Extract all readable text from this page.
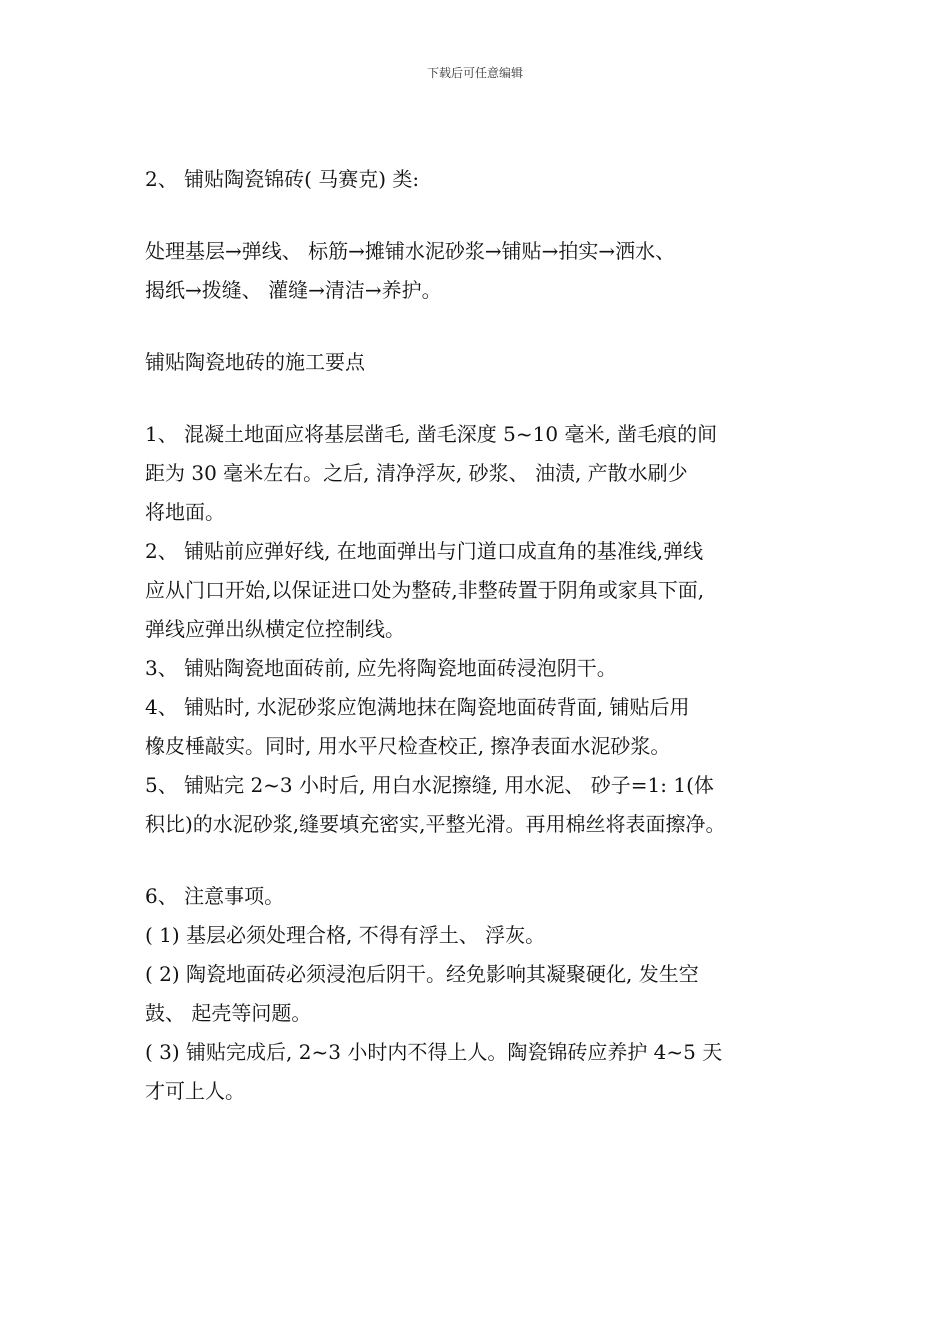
下载后可任意编辑
2、 铺贴陶瓷锦砖( 马赛克) 类:
处理基层→弹线、 标筋→摊铺水泥砂浆→铺贴→拍实→洒水、
揭纸→拨缝、 灌缝→清洁→养护。
铺贴陶瓷地砖的施工要点
1、 混凝土地面应将基层凿毛, 凿毛深度 5~10 毫米, 凿毛痕的间
距为 30 毫米左右。之后, 清净浮灰, 砂浆、 油渍, 产散水刷少
将地面。
2、 铺贴前应弹好线, 在地面弹出与门道口成直角的基准线,弹线
应从门口开始,以保证进口处为整砖,非整砖置于阴角或家具下面,
弹线应弹出纵横定位控制线。
3、 铺贴陶瓷地面砖前, 应先将陶瓷地面砖浸泡阴干。
4、 铺贴时, 水泥砂浆应饱满地抹在陶瓷地面砖背面, 铺贴后用
橡皮棰敲实。同时, 用水平尺检查校正, 擦净表面水泥砂浆。
5、 铺贴完 2~3 小时后, 用白水泥擦缝, 用水泥、 砂子=1: 1(体
积比)的水泥砂浆,缝要填充密实,平整光滑。再用棉丝将表面擦净。
6、 注意事项。
( 1) 基层必须处理合格, 不得有浮土、 浮灰。
( 2) 陶瓷地面砖必须浸泡后阴干。经免影响其凝聚硬化, 发生空
鼓、 起壳等问题。
( 3) 铺贴完成后, 2~3 小时内不得上人。陶瓷锦砖应养护 4~5 天
才可上人。
